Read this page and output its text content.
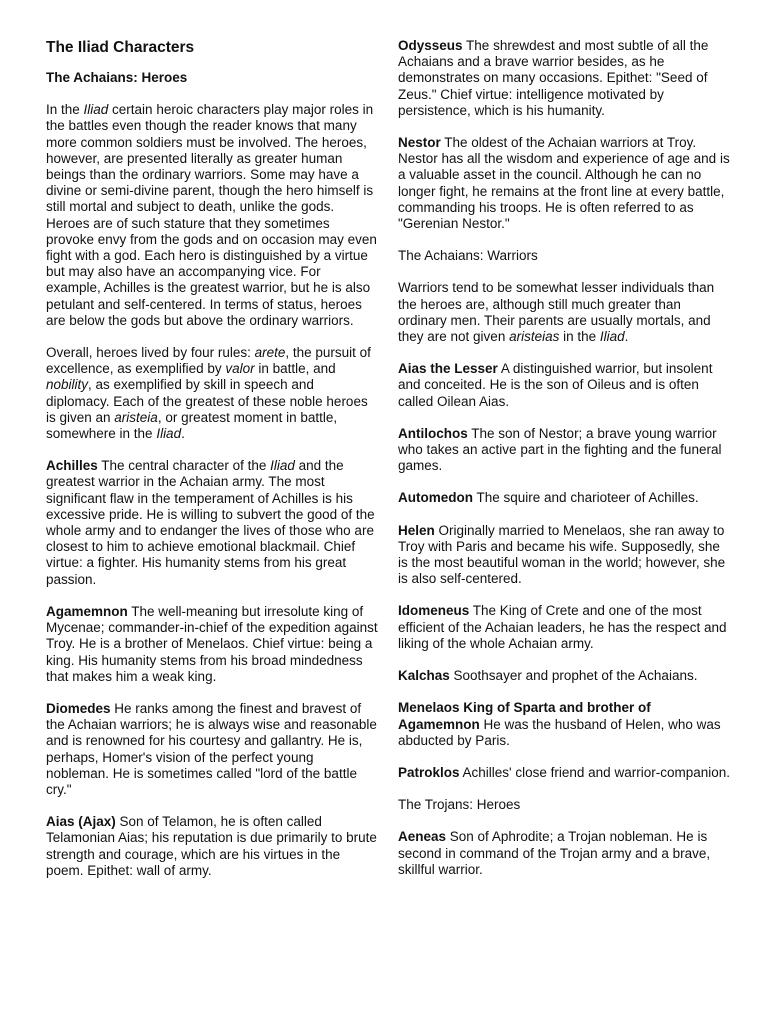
The Iliad Characters
The Achaians: Heroes

In the Iliad certain heroic characters play major roles in the battles even though the reader knows that many more common soldiers must be involved. The heroes, however, are presented literally as greater human beings than the ordinary warriors. Some may have a divine or semi-divine parent, though the hero himself is still mortal and subject to death, unlike the gods. Heroes are of such stature that they sometimes provoke envy from the gods and on occasion may even fight with a god. Each hero is distinguished by a virtue but may also have an accompanying vice. For example, Achilles is the greatest warrior, but he is also petulant and self-centered. In terms of status, heroes are below the gods but above the ordinary warriors.

Overall, heroes lived by four rules: arete, the pursuit of excellence, as exemplified by valor in battle, and nobility, as exemplified by skill in speech and diplomacy. Each of the greatest of these noble heroes is given an aristeia, or greatest moment in battle, somewhere in the Iliad.

Achilles The central character of the Iliad and the greatest warrior in the Achaian army. The most significant flaw in the temperament of Achilles is his excessive pride. He is willing to subvert the good of the whole army and to endanger the lives of those who are closest to him to achieve emotional blackmail. Chief virtue: a fighter. His humanity stems from his great passion.

Agamemnon The well-meaning but irresolute king of Mycenae; commander-in-chief of the expedition against Troy. He is a brother of Menelaos. Chief virtue: being a king. His humanity stems from his broad mindedness that makes him a weak king.

Diomedes He ranks among the finest and bravest of the Achaian warriors; he is always wise and reasonable and is renowned for his courtesy and gallantry. He is, perhaps, Homer's vision of the perfect young nobleman. He is sometimes called "lord of the battle cry."

Aias (Ajax) Son of Telamon, he is often called Telamonian Aias; his reputation is due primarily to brute strength and courage, which are his virtues in the poem. Epithet: wall of army.

Odysseus The shrewdest and most subtle of all the Achaians and a brave warrior besides, as he demonstrates on many occasions. Epithet: "Seed of Zeus." Chief virtue: intelligence motivated by persistence, which is his humanity.

Nestor The oldest of the Achaian warriors at Troy. Nestor has all the wisdom and experience of age and is a valuable asset in the council. Although he can no longer fight, he remains at the front line at every battle, commanding his troops. He is often referred to as "Gerenian Nestor."

The Achaians: Warriors

Warriors tend to be somewhat lesser individuals than the heroes are, although still much greater than ordinary men. Their parents are usually mortals, and they are not given aristeias in the Iliad.

Aias the Lesser A distinguished warrior, but insolent and conceited. He is the son of Oileus and is often called Oilean Aias.

Antilochos The son of Nestor; a brave young warrior who takes an active part in the fighting and the funeral games.

Automedon The squire and charioteer of Achilles.

Helen Originally married to Menelaos, she ran away to Troy with Paris and became his wife. Supposedly, she is the most beautiful woman in the world; however, she is also self-centered.

Idomeneus The King of Crete and one of the most efficient of the Achaian leaders, he has the respect and liking of the whole Achaian army.

Kalchas Soothsayer and prophet of the Achaians.

Menelaos King of Sparta and brother of Agamemnon He was the husband of Helen, who was abducted by Paris.

Patroklos Achilles' close friend and warrior-companion.

The Trojans: Heroes

Aeneas Son of Aphrodite; a Trojan nobleman. He is second in command of the Trojan army and a brave, skillful warrior.
